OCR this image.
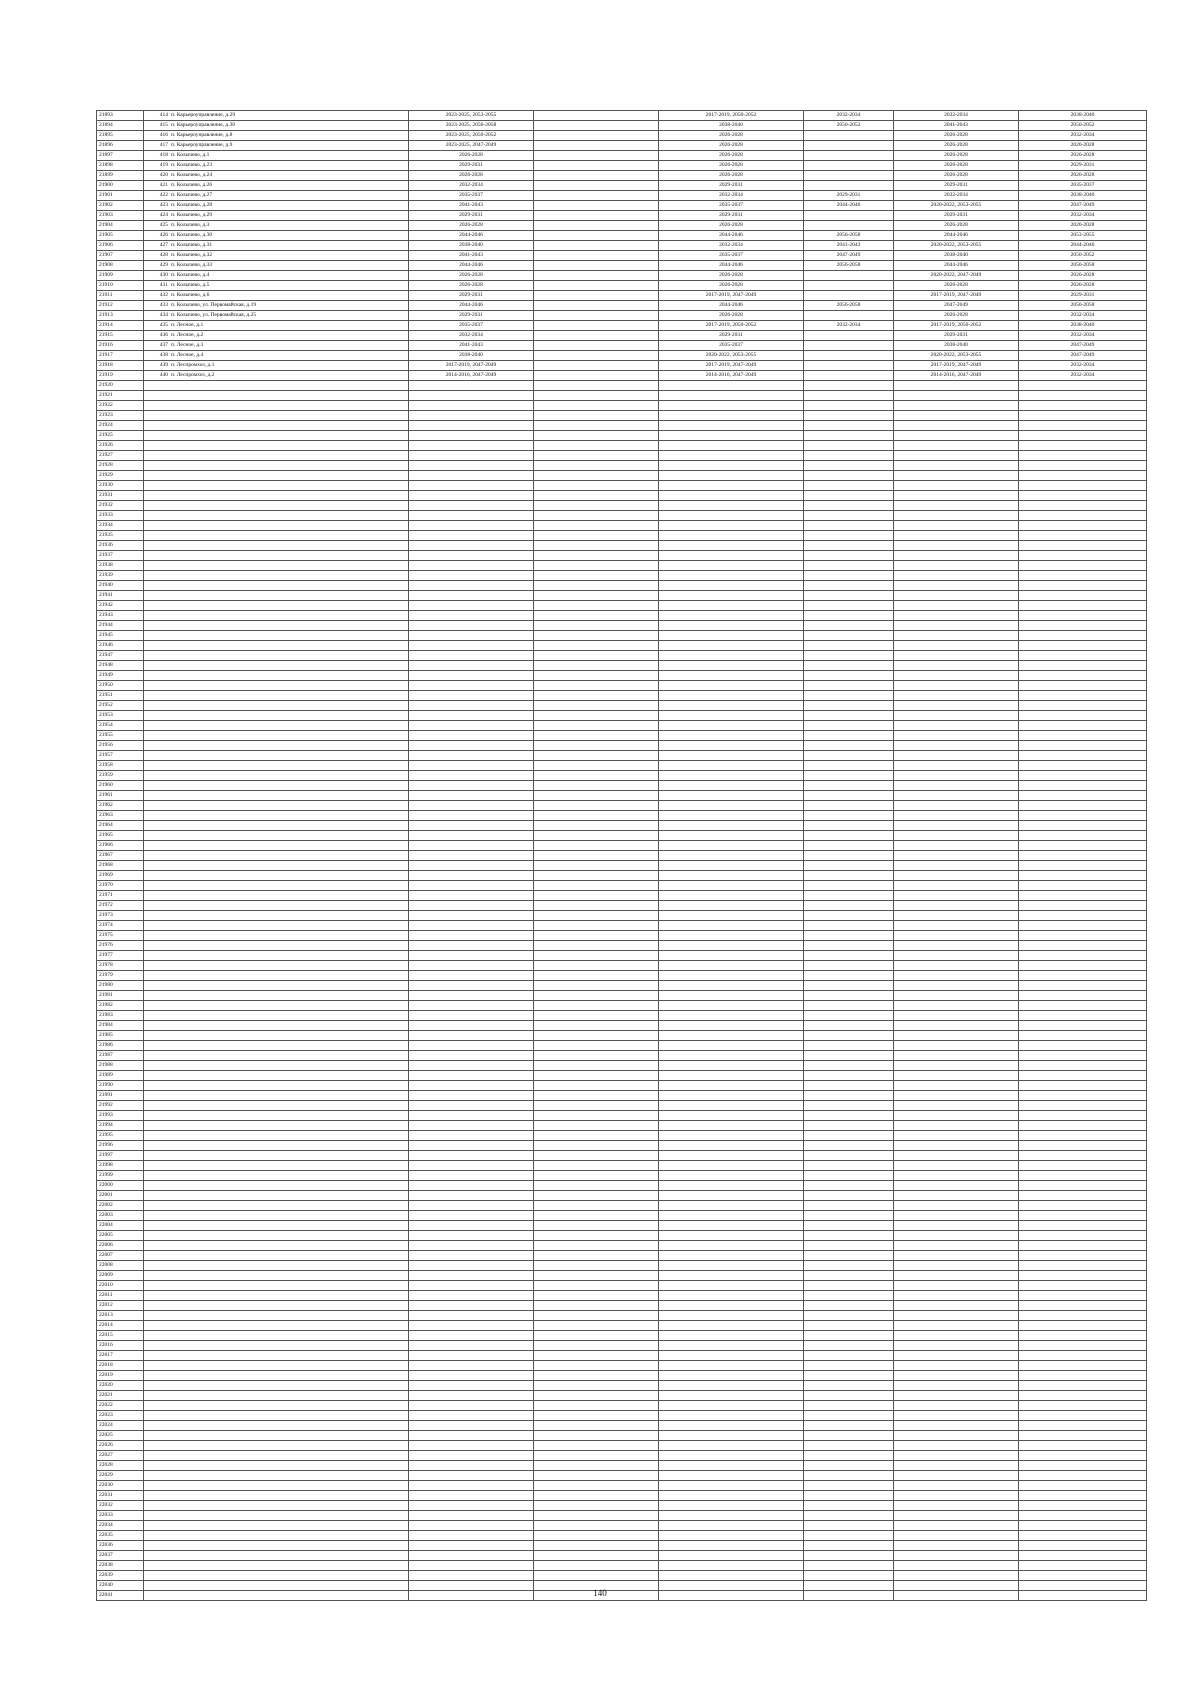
21893	414 п. Карьероуправление, д.29	2023-2025, 2053-2055		2017-2019, 2050-2052	2032-2034	2032-2034	2038-2040
21894	415 п. Карьероуправление, д.30	2023-2025, 2056-2058		2038-2040	2050-2052	2041-2043	2050-2052
21895	416 п. Карьероуправление, д.8	2023-2025, 2050-2052		2026-2028		2026-2028	2032-2034
21896	417 п. Карьероуправление, д.9	2023-2025, 2047-2049		2026-2028		2026-2028	2026-2028
21897	418 п. Колычево, д.1	2026-2028		2026-2028		2026-2028	2026-2028
21898	419 п. Колычево, д.23	2029-2031		2026-2028		2026-2028	2029-2031
21899	420 п. Колычево, д.24	2026-2028		2026-2028		2026-2028	2026-2028
21900	421 п. Колычево, д.26	2032-2034		2029-2031		2029-2031	2035-2037
21901	422 п. Колычево, д.27	2035-2037		2032-2034	2029-2031	2032-2034	2038-2040
21902	423 п. Колычево, д.28	2041-2043		2035-2037	2044-2046	2020-2022, 2053-2055	2047-2049
21903	424 п. Колычево, д.29	2029-2031		2029-2031		2029-2031	2032-2034
21904	425 п. Колычево, д.3	2026-2028		2026-2028		2026-2028	2026-2028
21905	426 п. Колычево, д.30	2044-2046		2044-2046	2056-2058	2044-2046	2053-2055
21906	427 п. Колычево, д.31	2038-2040		2032-2034	2041-2043	2020-2022, 2053-2055	2044-2046
21907	428 п. Колычево, д.32	2041-2043		2035-2037	2047-2049	2038-2040	2050-2052
21908	429 п. Колычево, д.33	2044-2046		2044-2046	2056-2058	2044-2046	2056-2058
21909	430 п. Колычево, д.4	2026-2028		2026-2028		2020-2022, 2047-2049	2026-2028
21910	431 п. Колычево, д.5	2026-2028		2026-2028		2026-2028	2026-2028
21911	432 п. Колычево, д.6	2029-2031		2017-2019, 2047-2049		2017-2019, 2047-2049	2029-2031
21912	433 п. Колычево, ул. Первомайская, д.19	2044-2046		2044-2046	2056-2058	2047-2049	2056-2058
21913	434 п. Колычево, ул. Первомайская, д.25	2029-2031		2026-2028		2026-2028	2032-2034
21914	435 п. Лесное, д.1	2035-2037		2017-2019, 2050-2052	2032-2034	2017-2019, 2050-2052	2038-2040
21915	436 п. Лесное, д.2	2032-2034		2029-2031		2029-2031	2032-2034
21916	437 п. Лесное, д.3	2041-2043		2035-2037		2038-2040	2047-2049
21917	438 п. Лесное, д.4	2038-2040		2020-2022, 2053-2055		2020-2022, 2053-2055	2047-2049
21918	439 п. Леспромхоз, д.1	2017-2019, 2047-2049		2017-2019, 2047-2049		2017-2019, 2047-2049	2032-2034
21919	440 п. Леспромхоз, д.2	2014-2016, 2047-2049		2014-2016, 2047-2049		2014-2016, 2047-2049	2032-2034
21920							
21921							
21922							
21923							
21924							
21925							
21926							
21927							
21928							
21929							
21930							
21931							
21932							
21933							
21934							
21935							
21936							
21937							
21938							
21939							
21940							
21941							
21942							
21943							
21944							
21945							
21946							
21947							
21948							
21949							
21950							
21951							
21952							
21953							
21954							
21955							
21956							
21957							
21958							
21959							
21960							
21961							
21962							
21963							
21964							
21965							
21966							
21967							
21968							
21969							
21970							
21971							
21972							
21973							
21974							
21975							
21976							
21977							
21978							
21979							
21980							
21981							
21982							
21983							
21984							
21985							
21986							
21987							
21988							
21989							
21990							
21991							
21992							
21993							
21994							
21995							
21996							
21997							
21998							
21999							
22000							
22001							
22002							
22003							
22004							
22005							
22006							
22007							
22008							
22009							
22010							
22011							
22012							
22013							
22014							
22015							
22016							
22017							
22018							
22019							
22020							
22021							
22022							
22023							
22024							
22025							
22026							
22027							
22028							
22029							
22030							
22031							
22032							
22033							
22034							
22035							
22036							
22037							
22038							
22039							
22040							
22041								140
